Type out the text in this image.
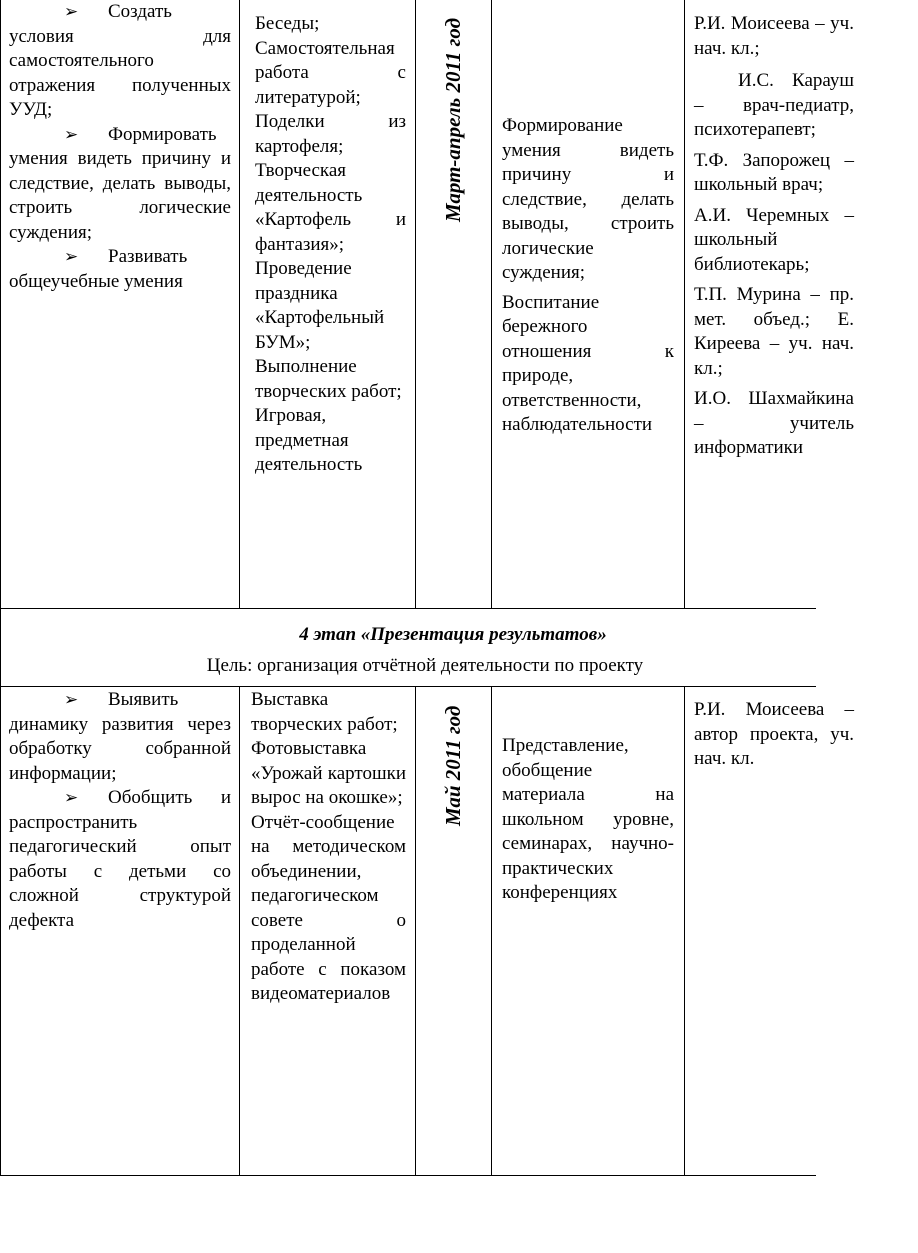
➢ Создать условия для самостоятельного отражения полученных УУД;
➢ Формировать умения видеть причину и следствие, делать выводы, строить логические суждения;
➢ Развивать общеучебные умения

Беседы;

Самостоятельная работа с литературой;

Поделки из картофеля;

Творческая деятельность «Картофель и фантазия»;

Проведение праздника «Картофельный БУМ»;

Выполнение творческих работ;

Игровая, предметная деятельность

Март-апрель 2011 год Формирование умения видеть причину и следствие, делать выводы, строить логические суждения;

Воспитание бережного отношения к природе, ответственности, наблюдательности

Р.И. Моисеева – уч. нач. кл.;

И.С. Карауш – врач-педиатр, психотерапевт;

Т.Ф. Запорожец – школьный врач;

А.И. Черемных – школьный библиотекарь;

Т.П. Мурина – пр. мет. объед.; Е. Киреева – уч. нач. кл.;

И.О. Шахмайкина – учитель информатики

4 этап «Презентация результатов»
Цель: организация отчётной деятельности по проекту
➢ Выявить динамику развития через обработку собранной информации;
➢ Обобщить и распространить педагогический опыт работы с детьми со сложной структурой дефекта

Выставка творческих работ;

Фотовыставка «Урожай картошки вырос на окошке»;

Отчёт-сообщение на методическом объединении, педагогическом совете о проделанной работе с показом видеоматериалов

Май 2011 год Представление, обобщение материала на школьном уровне, семинарах, научно-практических конференциях

Р.И. Моисеева – автор проекта, уч. нач. кл.
